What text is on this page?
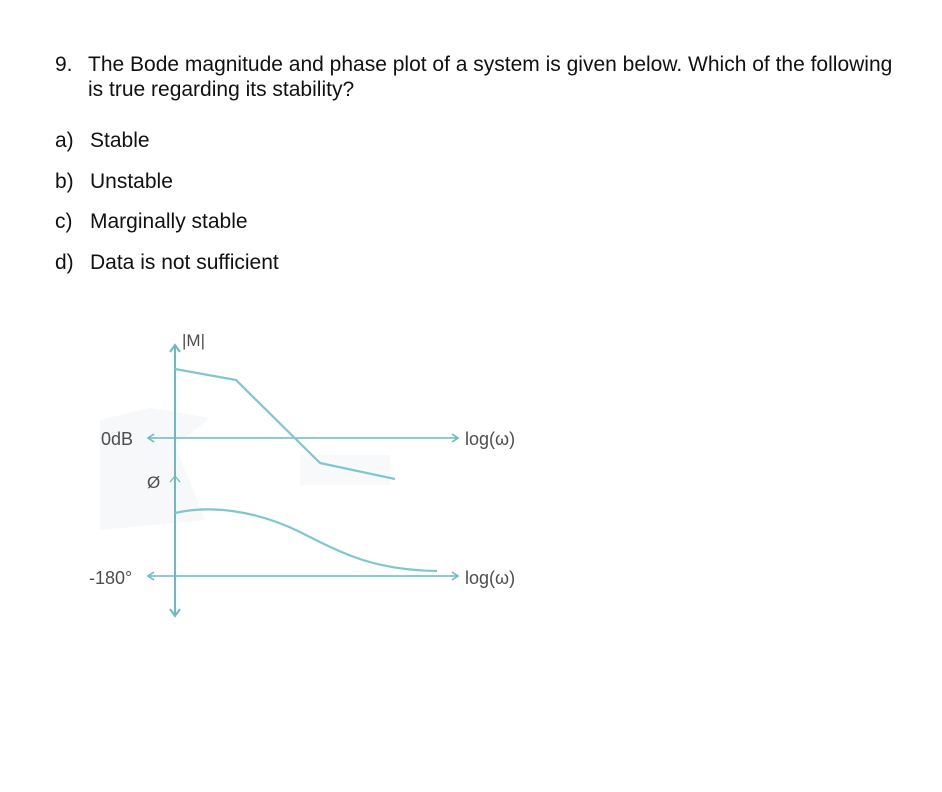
9. The Bode magnitude and phase plot of a system is given below. Which of the following is true regarding its stability?
a) Stable
b) Unstable
c) Marginally stable
d) Data is not sufficient
|M|
0dB
Ø
-180°
log(ω)
log(ω)
